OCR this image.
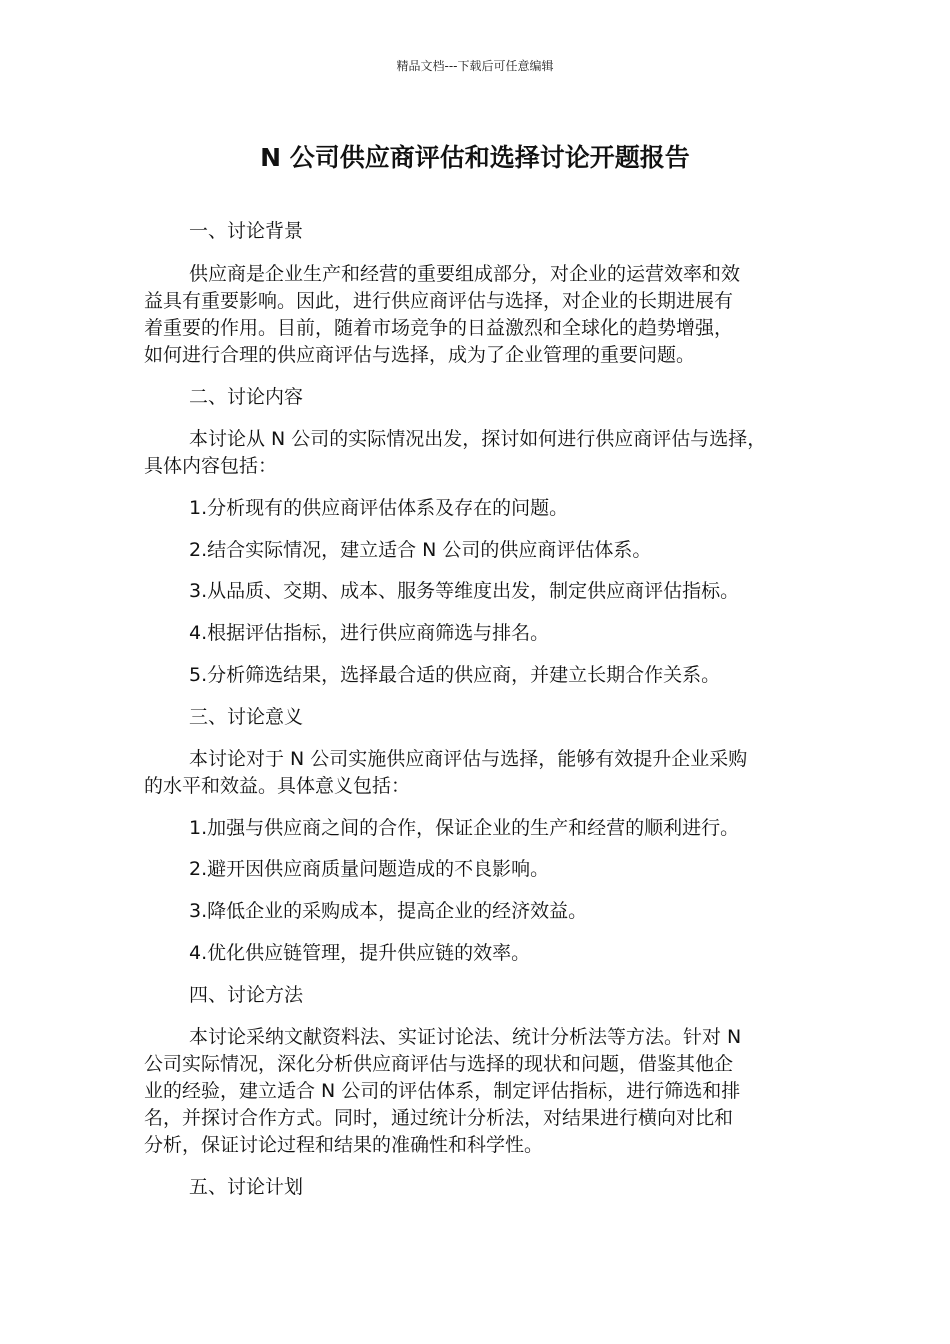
精品文档---下载后可任意编辑
N 公司供应商评估和选择讨论开题报告
一、讨论背景
供应商是企业生产和经营的重要组成部分，对企业的运营效率和效
益具有重要影响。因此，进行供应商评估与选择，对企业的长期进展有
着重要的作用。目前，随着市场竞争的日益激烈和全球化的趋势增强，
如何进行合理的供应商评估与选择，成为了企业管理的重要问题。
二、讨论内容
本讨论从 N 公司的实际情况出发，探讨如何进行供应商评估与选择，
具体内容包括：
1.分析现有的供应商评估体系及存在的问题。
2.结合实际情况，建立适合 N 公司的供应商评估体系。
3.从品质、交期、成本、服务等维度出发，制定供应商评估指标。
4.根据评估指标，进行供应商筛选与排名。
5.分析筛选结果，选择最合适的供应商，并建立长期合作关系。
三、讨论意义
本讨论对于 N 公司实施供应商评估与选择，能够有效提升企业采购
的水平和效益。具体意义包括：
1.加强与供应商之间的合作，保证企业的生产和经营的顺利进行。
2.避开因供应商质量问题造成的不良影响。
3.降低企业的采购成本，提高企业的经济效益。
4.优化供应链管理，提升供应链的效率。
四、讨论方法
本讨论采纳文献资料法、实证讨论法、统计分析法等方法。针对 N
公司实际情况，深化分析供应商评估与选择的现状和问题，借鉴其他企
业的经验，建立适合 N 公司的评估体系，制定评估指标，进行筛选和排
名，并探讨合作方式。同时，通过统计分析法，对结果进行横向对比和
分析，保证讨论过程和结果的准确性和科学性。
五、讨论计划
